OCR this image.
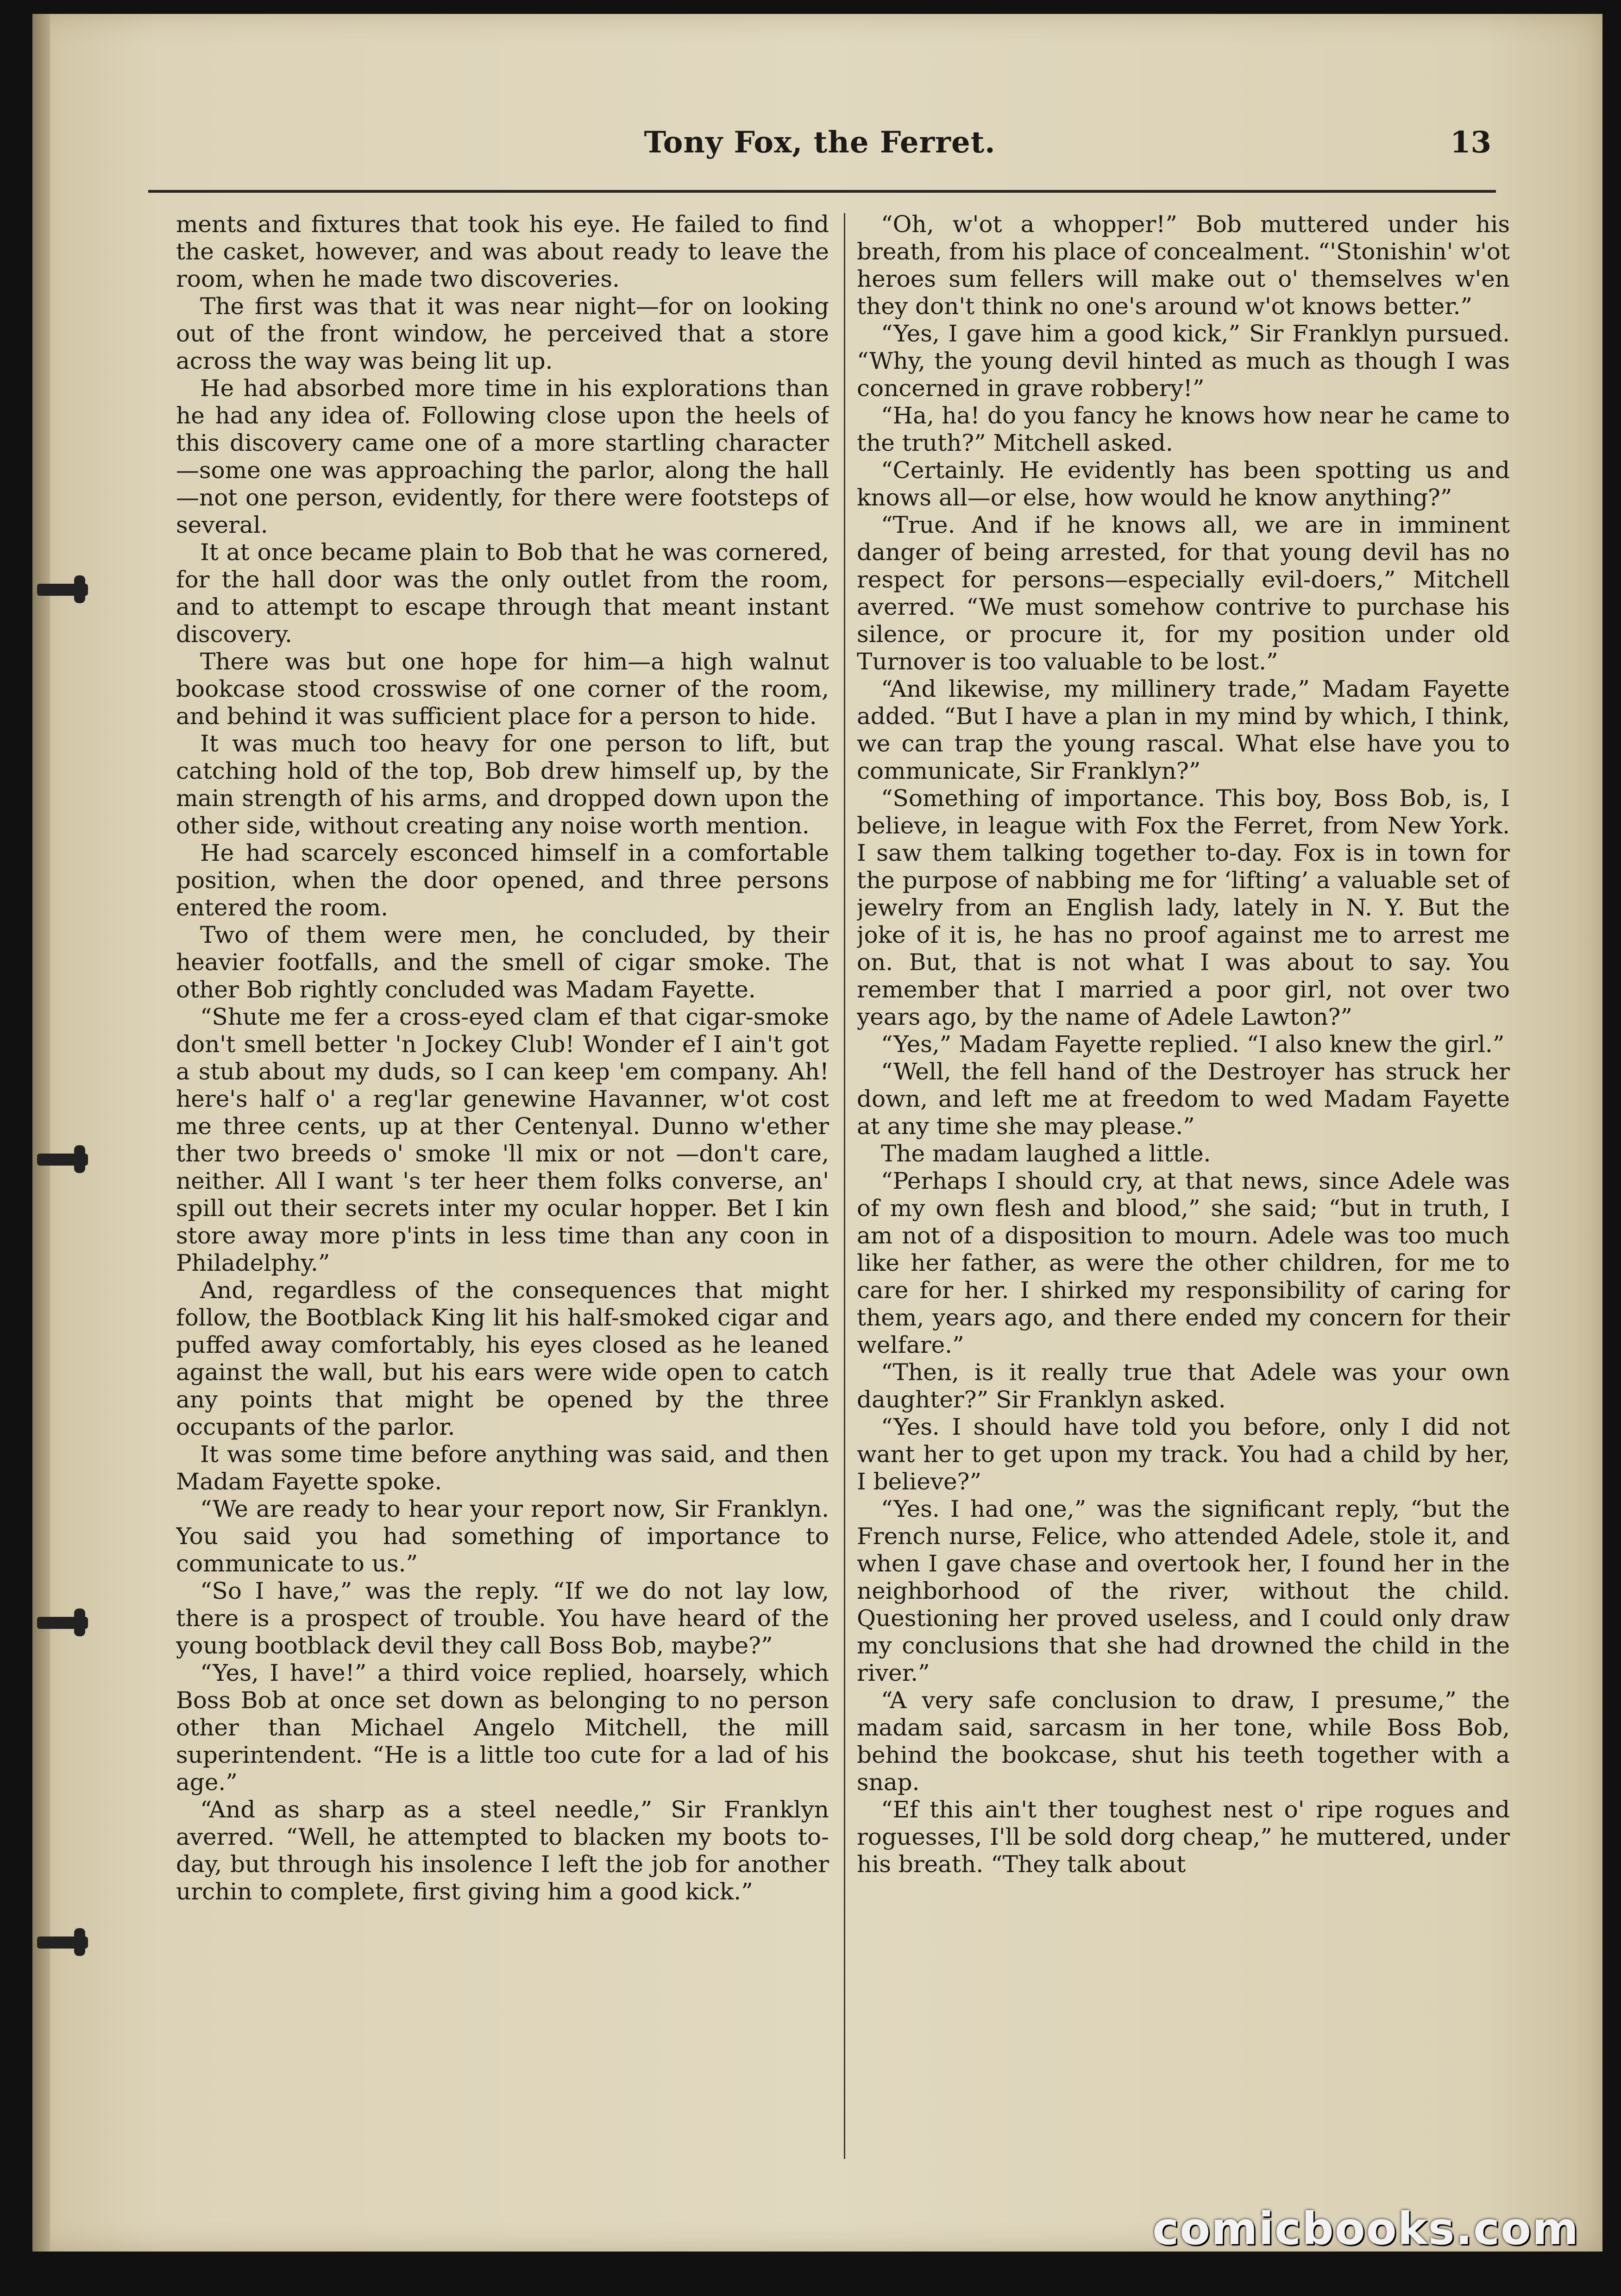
Tony Fox, the Ferret.	13

ments and fixtures that took his eye. He failed to find the casket, however, and was about ready to leave the room, when he made two discoveries.

The first was that it was near night—for on looking out of the front window, he perceived that a store across the way was being lit up.

He had absorbed more time in his explorations than he had any idea of. Following close upon the heels of this discovery came one of a more startling character—some one was approaching the parlor, along the hall—not one person, evidently, for there were footsteps of several.

It at once became plain to Bob that he was cornered, for the hall door was the only outlet from the room, and to attempt to escape through that meant instant discovery.

There was but one hope for him—a high walnut bookcase stood crosswise of one corner of the room, and behind it was sufficient place for a person to hide.

It was much too heavy for one person to lift, but catching hold of the top, Bob drew himself up, by the main strength of his arms, and dropped down upon the other side, without creating any noise worth mention.

He had scarcely esconced himself in a comfortable position, when the door opened, and three persons entered the room.

Two of them were men, he concluded, by their heavier footfalls, and the smell of cigar smoke. The other Bob rightly concluded was Madam Fayette.

“Shute me fer a cross-eyed clam ef that cigar-smoke don't smell better 'n Jockey Club! Wonder ef I ain't got a stub about my duds, so I can keep 'em company. Ah! here's half o' a reg'lar genewine Havanner, w'ot cost me three cents, up at ther Centenyal. Dunno w'ether ther two breeds o' smoke 'll mix or not —don't care, neither. All I want 's ter heer them folks converse, an' spill out their secrets inter my ocular hopper. Bet I kin store away more p'ints in less time than any coon in Philadelphy.”

And, regardless of the consequences that might follow, the Bootblack King lit his half-smoked cigar and puffed away comfortably, his eyes closed as he leaned against the wall, but his ears were wide open to catch any points that might be opened by the three occupants of the parlor.

It was some time before anything was said, and then Madam Fayette spoke.

“We are ready to hear your report now, Sir Franklyn. You said you had something of importance to communicate to us.”

“So I have,” was the reply. “If we do not lay low, there is a prospect of trouble. You have heard of the young bootblack devil they call Boss Bob, maybe?”

“Yes, I have!” a third voice replied, hoarsely, which Boss Bob at once set down as belonging to no person other than Michael Angelo Mitchell, the mill superintendent. “He is a little too cute for a lad of his age.”

“And as sharp as a steel needle,” Sir Franklyn averred. “Well, he attempted to blacken my boots to-day, but through his insolence I left the job for another urchin to complete, first giving him a good kick.”

“Oh, w'ot a whopper!” Bob muttered under his breath, from his place of concealment. “'Stonishin' w'ot heroes sum fellers will make out o' themselves w'en they don't think no one's around w'ot knows better.”

“Yes, I gave him a good kick,” Sir Franklyn pursued. “Why, the young devil hinted as much as though I was concerned in grave robbery!”

“Ha, ha! do you fancy he knows how near he came to the truth?” Mitchell asked.

“Certainly. He evidently has been spotting us and knows all—or else, how would he know anything?”

“True. And if he knows all, we are in imminent danger of being arrested, for that young devil has no respect for persons—especially evil-doers,” Mitchell averred. “We must somehow contrive to purchase his silence, or procure it, for my position under old Turnover is too valuable to be lost.”

“And likewise, my millinery trade,” Madam Fayette added. “But I have a plan in my mind by which, I think, we can trap the young rascal. What else have you to communicate, Sir Franklyn?”

“Something of importance. This boy, Boss Bob, is, I believe, in league with Fox the Ferret, from New York. I saw them talking together to-day. Fox is in town for the purpose of nabbing me for ‘lifting’ a valuable set of jewelry from an English lady, lately in N. Y. But the joke of it is, he has no proof against me to arrest me on. But, that is not what I was about to say. You remember that I married a poor girl, not over two years ago, by the name of Adele Lawton?”

“Yes,” Madam Fayette replied. “I also knew the girl.”

“Well, the fell hand of the Destroyer has struck her down, and left me at freedom to wed Madam Fayette at any time she may please.”

The madam laughed a little.

“Perhaps I should cry, at that news, since Adele was of my own flesh and blood,” she said; “but in truth, I am not of a disposition to mourn. Adele was too much like her father, as were the other children, for me to care for her. I shirked my responsibility of caring for them, years ago, and there ended my concern for their welfare.”

“Then, is it really true that Adele was your own daughter?” Sir Franklyn asked.

“Yes. I should have told you before, only I did not want her to get upon my track. You had a child by her, I believe?”

“Yes. I had one,” was the significant reply, “but the French nurse, Felice, who attended Adele, stole it, and when I gave chase and overtook her, I found her in the neighborhood of the river, without the child. Questioning her proved useless, and I could only draw my conclusions that she had drowned the child in the river.”

“A very safe conclusion to draw, I presume,” the madam said, sarcasm in her tone, while Boss Bob, behind the bookcase, shut his teeth together with a snap.

“Ef this ain't ther toughest nest o' ripe rogues and roguesses, I'll be sold dorg cheap,” he muttered, under his breath. “They talk about

comicbooks.com
